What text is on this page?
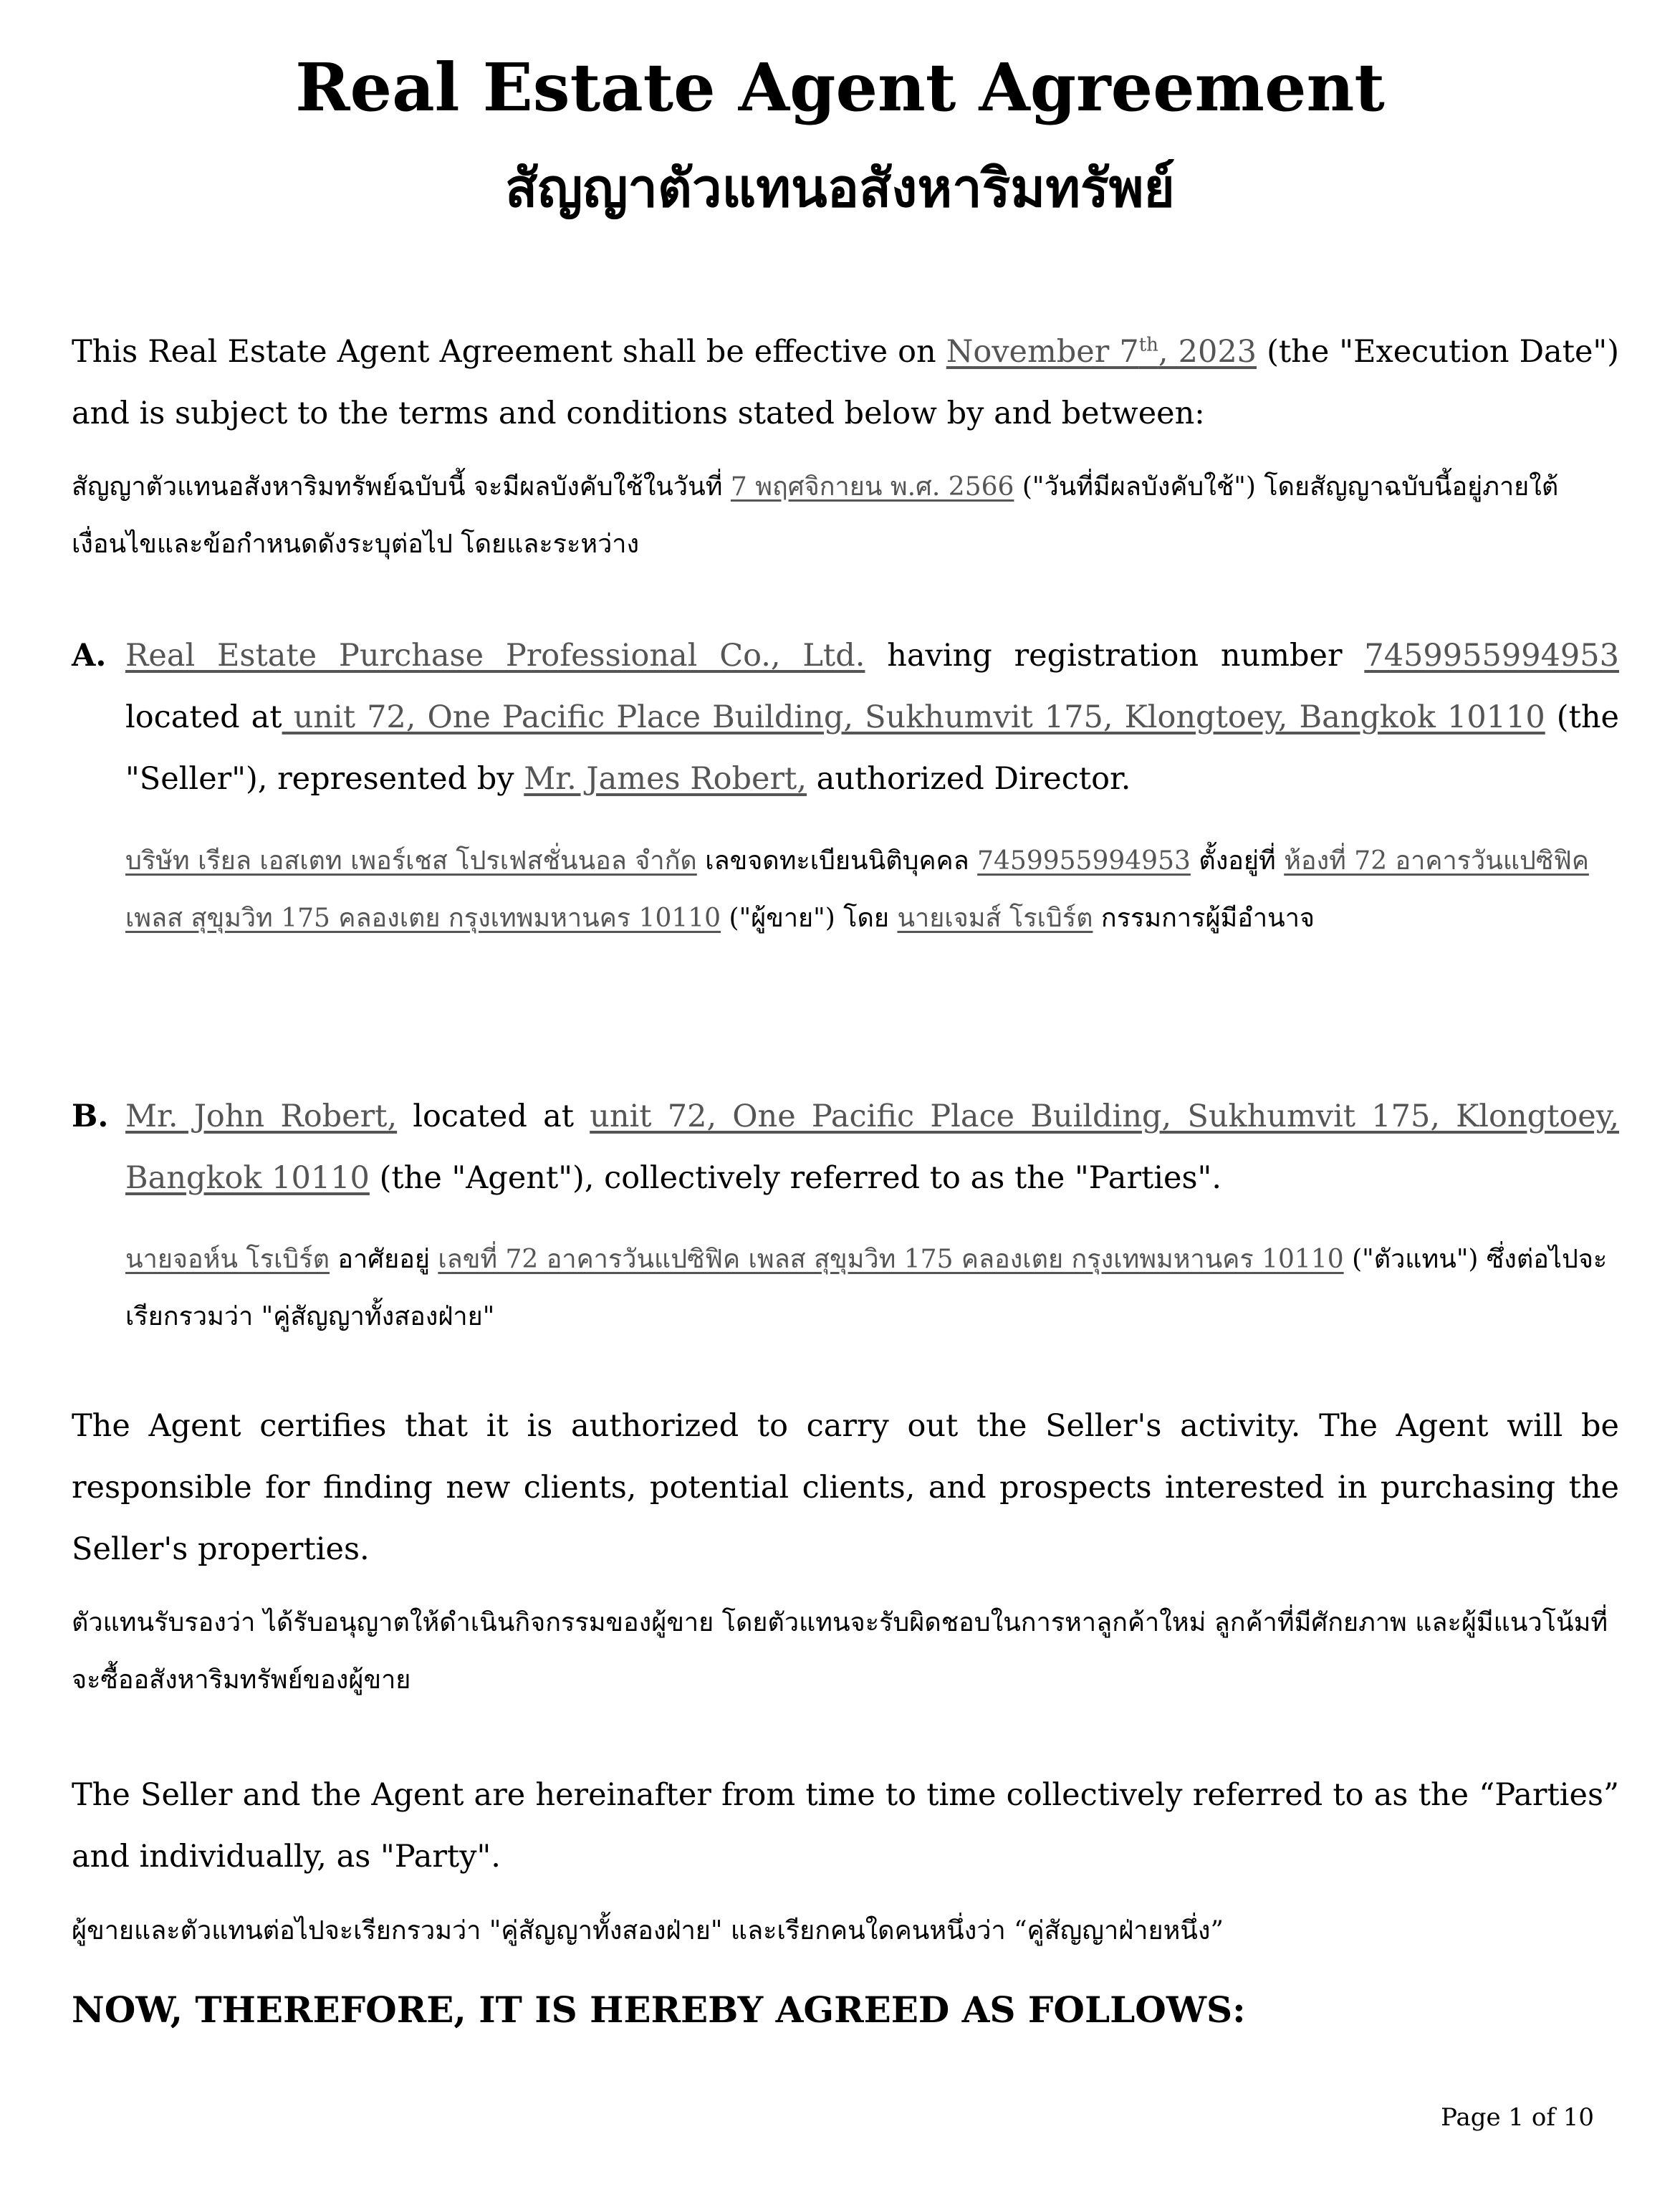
Real Estate Agent Agreement
สัญญาตัวแทนอสังหาริมทรัพย์
This Real Estate Agent Agreement shall be effective on November 7th, 2023 (the "Execution Date") and is subject to the terms and conditions stated below by and between:
สัญญาตัวแทนอสังหาริมทรัพย์ฉบับนี้ จะมีผลบังคับใช้ในวันที่ 7 พฤศจิกายน พ.ศ. 2566 ("วันที่มีผลบังคับใช้") โดยสัญญาฉบับนี้อยู่ภายใต้เงื่อนไขและข้อกำหนดดังระบุต่อไป โดยและระหว่าง
A. Real Estate Purchase Professional Co., Ltd. having registration number 7459955994953 located at unit 72, One Pacific Place Building, Sukhumvit 175, Klongtoey, Bangkok 10110 (the "Seller"), represented by Mr. James Robert, authorized Director.
บริษัท เรียล เอสเตท เพอร์เชส โปรเฟสชั่นนอล จำกัด เลขจดทะเบียนนิติบุคคล 7459955994953 ตั้งอยู่ที่ ห้องที่ 72 อาคารวันแปซิฟิค เพลส สุขุมวิท 175 คลองเตย กรุงเทพมหานคร 10110 ("ผู้ขาย") โดย นายเจมส์ โรเบิร์ต กรรมการผู้มีอำนาจ
B. Mr. John Robert, located at unit 72, One Pacific Place Building, Sukhumvit 175, Klongtoey, Bangkok 10110 (the "Agent"), collectively referred to as the "Parties".
นายจอห์น โรเบิร์ต อาศัยอยู่ เลขที่ 72 อาคารวันแปซิฟิค เพลส สุขุมวิท 175 คลองเตย กรุงเทพมหานคร 10110 ("ตัวแทน") ซึ่งต่อไปจะเรียกรวมว่า "คู่สัญญาทั้งสองฝ่าย"
The Agent certifies that it is authorized to carry out the Seller's activity. The Agent will be responsible for finding new clients, potential clients, and prospects interested in purchasing the Seller's properties.
ตัวแทนรับรองว่า ได้รับอนุญาตให้ดำเนินกิจกรรมของผู้ขาย โดยตัวแทนจะรับผิดชอบในการหาลูกค้าใหม่ ลูกค้าที่มีศักยภาพ และผู้มีแนวโน้มที่จะซื้ออสังหาริมทรัพย์ของผู้ขาย
The Seller and the Agent are hereinafter from time to time collectively referred to as the “Parties” and individually, as "Party".
ผู้ขายและตัวแทนต่อไปจะเรียกรวมว่า "คู่สัญญาทั้งสองฝ่าย" และเรียกคนใดคนหนึ่งว่า “คู่สัญญาฝ่ายหนึ่ง”
NOW, THEREFORE, IT IS HEREBY AGREED AS FOLLOWS:
Page 1 of 10
